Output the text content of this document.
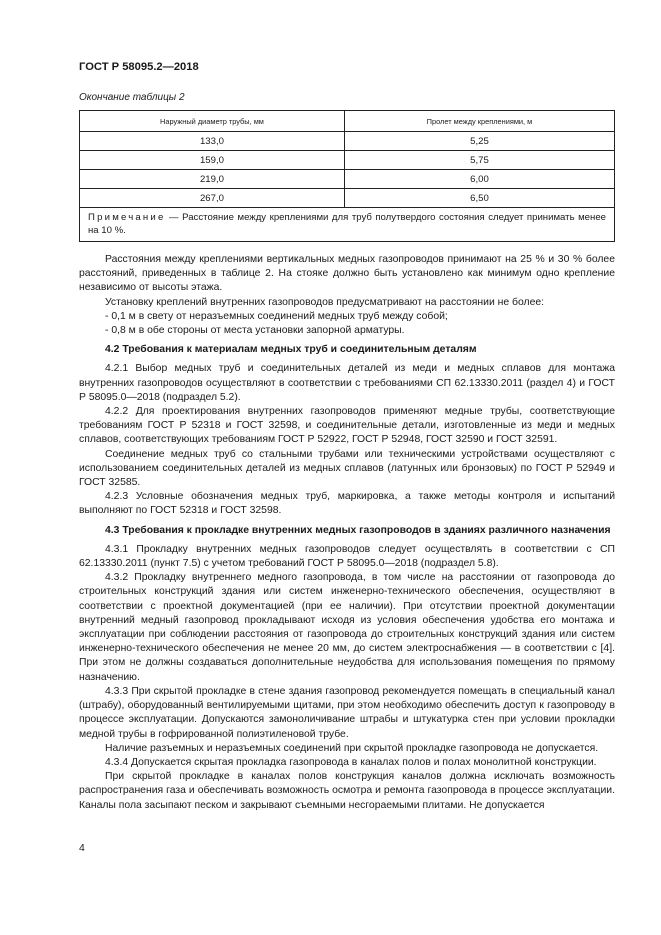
ГОСТ Р 58095.2—2018
Окончание таблицы 2
Наружный диаметр трубы, мм	Пролет между креплениями, м
133,0	5,25
159,0	5,75
219,0	6,00
267,0	6,50
Примечание — Расстояние между креплениями для труб полутвердого состояния следует принимать менее на 10 %.	

Расстояния между креплениями вертикальных медных газопроводов принимают на 25 % и 30 % более расстояний, приведенных в таблице 2. На стояке должно быть установлено как минимум одно крепление независимо от высоты этажа.

Установку креплений внутренних газопроводов предусматривают на расстоянии не более:

- 0,1 м в свету от неразъемных соединений медных труб между собой;

- 0,8 м в обе стороны от места установки запорной арматуры.

4.2 Требования к материалам медных труб и соединительным деталям

4.2.1 Выбор медных труб и соединительных деталей из меди и медных сплавов для монтажа внутренних газопроводов осуществляют в соответствии с требованиями СП 62.13330.2011 (раздел 4) и ГОСТ Р 58095.0—2018 (подраздел 5.2).

4.2.2 Для проектирования внутренних газопроводов применяют медные трубы, соответствующие требованиям ГОСТ Р 52318 и ГОСТ 32598, и соединительные детали, изготовленные из меди и медных сплавов, соответствующих требованиям ГОСТ Р 52922, ГОСТ Р 52948, ГОСТ 32590 и ГОСТ 32591.

Соединение медных труб со стальными трубами или техническими устройствами осуществляют с использованием соединительных деталей из медных сплавов (латунных или бронзовых) по ГОСТ Р 52949 и ГОСТ 32585.

4.2.3 Условные обозначения медных труб, маркировка, а также методы контроля и испытаний выполняют по ГОСТ 52318 и ГОСТ 32598.

4.3 Требования к прокладке внутренних медных газопроводов в зданиях различного назначения

4.3.1 Прокладку внутренних медных газопроводов следует осуществлять в соответствии с СП 62.13330.2011 (пункт 7.5) с учетом требований ГОСТ Р 58095.0—2018 (подраздел 5.8).

4.3.2 Прокладку внутреннего медного газопровода, в том числе на расстоянии от газопровода до строительных конструкций здания или систем инженерно-технического обеспечения, осуществляют в соответствии с проектной документацией (при ее наличии). При отсутствии проектной документации внутренний медный газопровод прокладывают исходя из условия обеспечения удобства его монтажа и эксплуатации при соблюдении расстояния от газопровода до строительных конструкций здания или систем инженерно-технического обеспечения не менее 20 мм, до систем электроснабжения — в соответствии с [4]. При этом не должны создаваться дополнительные неудобства для использования помещения по прямому назначению.

4.3.3 При скрытой прокладке в стене здания газопровод рекомендуется помещать в специальный канал (штрабу), оборудованный вентилируемыми щитами, при этом необходимо обеспечить доступ к газопроводу в процессе эксплуатации. Допускаются замоноличивание штрабы и штукатурка стен при условии прокладки медной трубы в гофрированной полиэтиленовой трубе.

Наличие разъемных и неразъемных соединений при скрытой прокладке газопровода не допускается.

4.3.4 Допускается скрытая прокладка газопровода в каналах полов и полах монолитной конструкции.

При скрытой прокладке в каналах полов конструкция каналов должна исключать возможность распространения газа и обеспечивать возможность осмотра и ремонта газопровода в процессе эксплуатации. Каналы пола засыпают песком и закрывают съемными несгораемыми плитами. Не допускается

4
